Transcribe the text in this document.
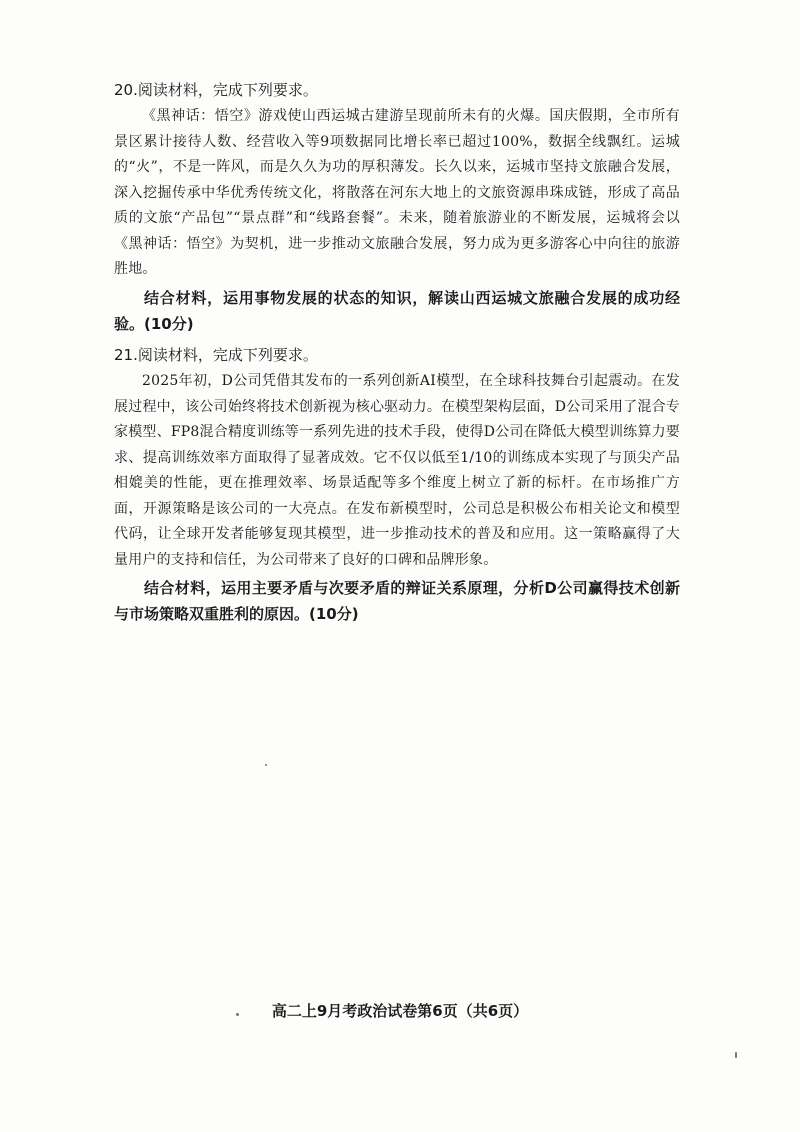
20.阅读材料，完成下列要求。

《黑神话：悟空》游戏使山西运城古建游呈现前所未有的火爆。国庆假期，全市所有景区累计接待人数、经营收入等9项数据同比增长率已超过100%，数据全线飘红。运城的“火”，不是一阵风，而是久久为功的厚积薄发。长久以来，运城市坚持文旅融合发展，深入挖掘传承中华优秀传统文化，将散落在河东大地上的文旅资源串珠成链，形成了高品质的文旅“产品包”“景点群”和“线路套餐”。未来，随着旅游业的不断发展，运城将会以《黑神话：悟空》为契机，进一步推动文旅融合发展，努力成为更多游客心中向往的旅游胜地。

结合材料，运用事物发展的状态的知识，解读山西运城文旅融合发展的成功经验。(10分)

21.阅读材料，完成下列要求。

2025年初，D公司凭借其发布的一系列创新AI模型，在全球科技舞台引起震动。在发展过程中，该公司始终将技术创新视为核心驱动力。在模型架构层面，D公司采用了混合专家模型、FP8混合精度训练等一系列先进的技术手段，使得D公司在降低大模型训练算力要求、提高训练效率方面取得了显著成效。它不仅以低至1/10的训练成本实现了与顶尖产品相媲美的性能，更在推理效率、场景适配等多个维度上树立了新的标杆。在市场推广方面，开源策略是该公司的一大亮点。在发布新模型时，公司总是积极公布相关论文和模型代码，让全球开发者能够复现其模型，进一步推动技术的普及和应用。这一策略赢得了大量用户的支持和信任，为公司带来了良好的口碑和品牌形象。

结合材料，运用主要矛盾与次要矛盾的辩证关系原理，分析D公司赢得技术创新与市场策略双重胜利的原因。(10分)

高二上9月考政治试卷第6页（共6页）
